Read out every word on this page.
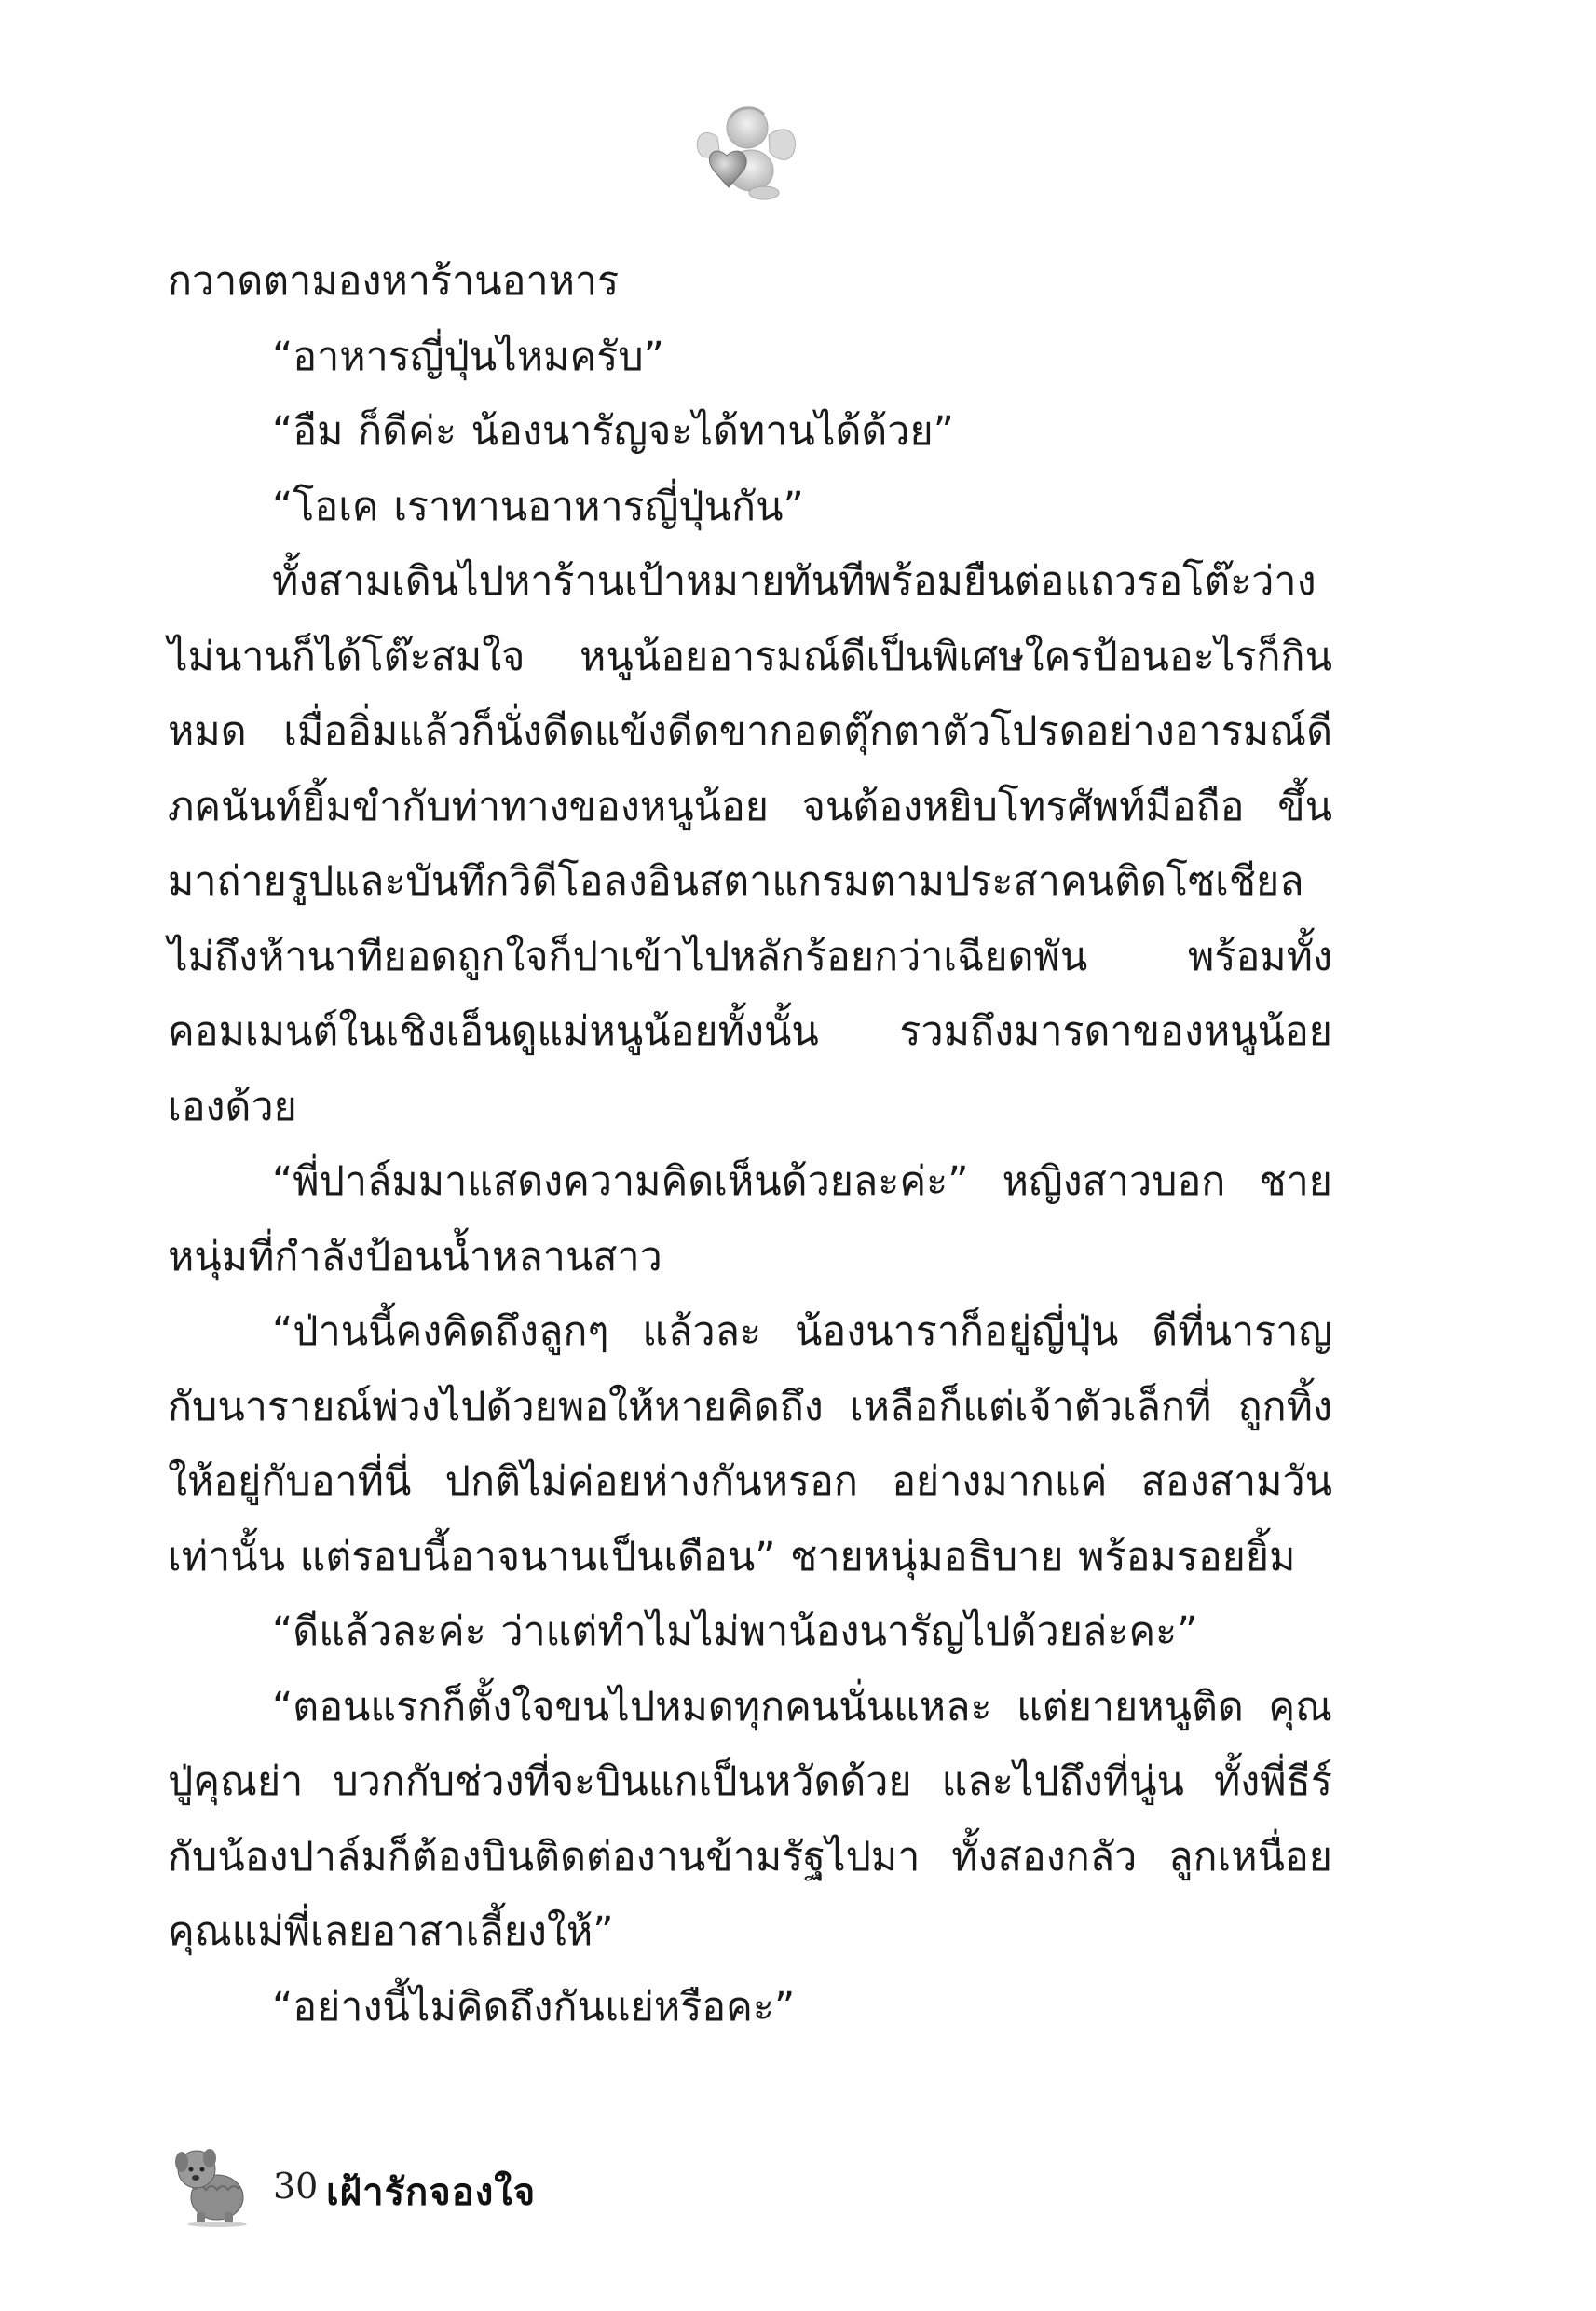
กวาดตามองหาร้านอาหาร

“อาหารญี่ปุ่นไหมครับ”

“อืม ก็ดีค่ะ น้องนารัญจะได้ทานได้ด้วย”

“โอเค เราทานอาหารญี่ปุ่นกัน”

ทั้งสามเดินไปหาร้านเป้าหมายทันทีพร้อมยืนต่อแถวรอโต๊ะว่าง ไม่นานก็ได้โต๊ะสมใจ หนูน้อยอารมณ์ดีเป็นพิเศษใครป้อนอะไรก็กิน หมด เมื่ออิ่มแล้วก็นั่งดีดแข้งดีดขากอดตุ๊กตาตัวโปรดอย่างอารมณ์ดี ภคนันท์ยิ้มขำกับท่าทางของหนูน้อย จนต้องหยิบโทรศัพท์มือถือ ขึ้นมาถ่ายรูปและบันทึกวิดีโอลงอินสตาแกรมตามประสาคนติดโซเชียล ไม่ถึงห้านาทียอดถูกใจก็ปาเข้าไปหลักร้อยกว่าเฉียดพัน พร้อมทั้ง คอมเมนต์ในเชิงเอ็นดูแม่หนูน้อยทั้งนั้น รวมถึงมารดาของหนูน้อย เองด้วย

“พี่ปาล์มมาแสดงความคิดเห็นด้วยละค่ะ” หญิงสาวบอก ชายหนุ่มที่กำลังป้อนน้ำหลานสาว

“ป่านนี้คงคิดถึงลูกๆ แล้วละ น้องนาราก็อยู่ญี่ปุ่น ดีที่นาราญ กับนารายณ์พ่วงไปด้วยพอให้หายคิดถึง เหลือก็แต่เจ้าตัวเล็กที่ ถูกทิ้งให้อยู่กับอาที่นี่ ปกติไม่ค่อยห่างกันหรอก อย่างมากแค่ สองสามวันเท่านั้น แต่รอบนี้อาจนานเป็นเดือน” ชายหนุ่มอธิบาย พร้อมรอยยิ้ม

“ดีแล้วละค่ะ ว่าแต่ทำไมไม่พาน้องนารัญไปด้วยล่ะคะ”

“ตอนแรกก็ตั้งใจขนไปหมดทุกคนนั่นแหละ แต่ยายหนูติด คุณปู่คุณย่า บวกกับช่วงที่จะบินแกเป็นหวัดด้วย และไปถึงที่นู่น ทั้งพี่ธีร์กับน้องปาล์มก็ต้องบินติดต่องานข้ามรัฐไปมา ทั้งสองกลัว ลูกเหนื่อย คุณแม่พี่เลยอาสาเลี้ยงให้”

“อย่างนี้ไม่คิดถึงกันแย่หรือคะ”

30 เฝ้ารักจองใจ
